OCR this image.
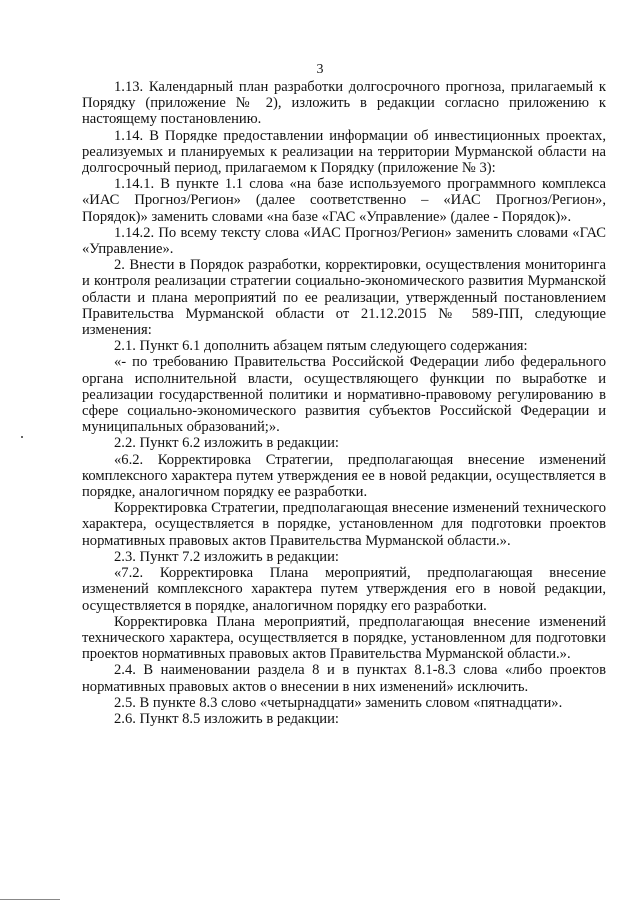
3

1.13. Календарный план разработки долгосрочного прогноза, прилагаемый к Порядку (приложение № 2), изложить в редакции согласно приложению к настоящему постановлению.

1.14. В Порядке предоставлении информации об инвестиционных проектах, реализуемых и планируемых к реализации на территории Мурманской области на долгосрочный период, прилагаемом к Порядку (приложение № 3):

1.14.1. В пункте 1.1 слова «на базе используемого программного комплекса «ИАС Прогноз/Регион» (далее соответственно – «ИАС Прогноз/Регион», Порядок)» заменить словами «на базе «ГАС «Управление» (далее - Порядок)».

1.14.2. По всему тексту слова «ИАС Прогноз/Регион» заменить словами «ГАС «Управление».

2. Внести в Порядок разработки, корректировки, осуществления мониторинга и контроля реализации стратегии социально-экономического развития Мурманской области и плана мероприятий по ее реализации, утвержденный постановлением Правительства Мурманской области от 21.12.2015 № 589-ПП, следующие изменения:

2.1. Пункт 6.1 дополнить абзацем пятым следующего содержания:

«- по требованию Правительства Российской Федерации либо федерального органа исполнительной власти, осуществляющего функции по выработке и реализации государственной политики и нормативно-правовому регулированию в сфере социально-экономического развития субъектов Российской Федерации и муниципальных образований;».

2.2. Пункт 6.2 изложить в редакции:

«6.2. Корректировка Стратегии, предполагающая внесение изменений комплексного характера путем утверждения ее в новой редакции, осуществляется в порядке, аналогичном порядку ее разработки.

Корректировка Стратегии, предполагающая внесение изменений технического характера, осуществляется в порядке, установленном для подготовки проектов нормативных правовых актов Правительства Мурманской области.».

2.3. Пункт 7.2 изложить в редакции:

«7.2. Корректировка Плана мероприятий, предполагающая внесение изменений комплексного характера путем утверждения его в новой редакции, осуществляется в порядке, аналогичном порядку его разработки.

Корректировка Плана мероприятий, предполагающая внесение изменений технического характера, осуществляется в порядке, установленном для подготовки проектов нормативных правовых актов Правительства Мурманской области.».

2.4. В наименовании раздела 8 и в пунктах 8.1-8.3 слова «либо проектов нормативных правовых актов о внесении в них изменений» исключить.

2.5. В пункте 8.3 слово «четырнадцати» заменить словом «пятнадцати».

2.6. Пункт 8.5 изложить в редакции:
